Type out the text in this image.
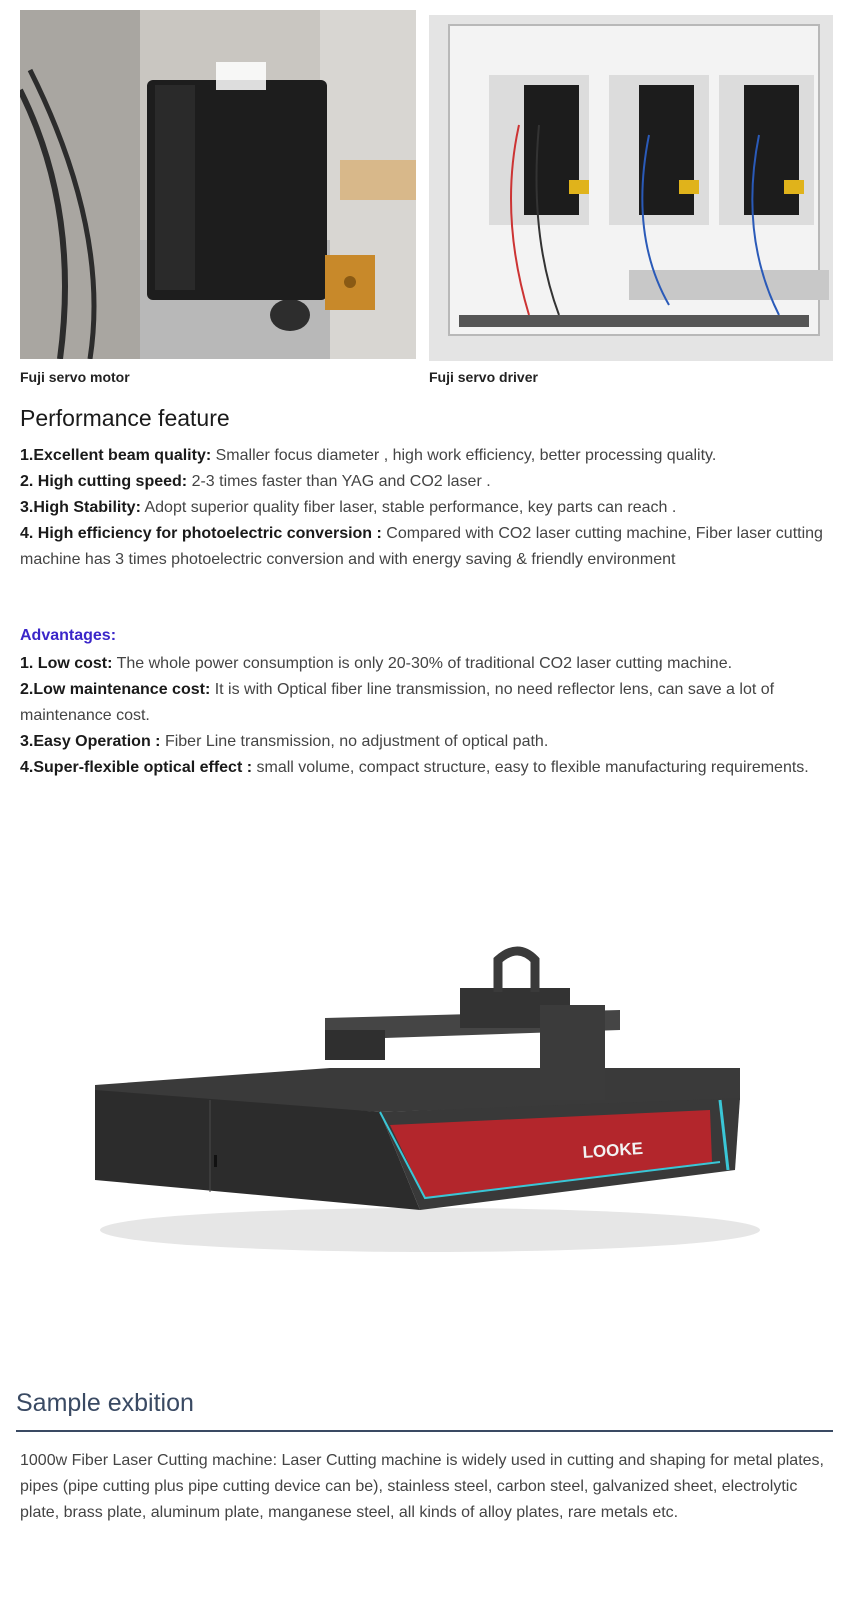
Fuji servo motor	Fuji servo driver
Performance feature

1.Excellent beam quality: Smaller focus diameter , high work efficiency, better processing quality.

2. High cutting speed: 2-3 times faster than YAG and CO2 laser .

3.High Stability: Adopt superior quality fiber laser, stable performance, key parts can reach .

4. High efficiency for photoelectric conversion : Compared with CO2 laser cutting machine, Fiber laser cutting machine has 3 times photoelectric conversion and with energy saving & friendly environment

Advantages:

1. Low cost: The whole power consumption is only 20-30% of traditional CO2 laser cutting machine.

2.Low maintenance cost: It is with Optical fiber line transmission, no need reflector lens, can save a lot of maintenance cost.

3.Easy Operation : Fiber Line transmission, no adjustment of optical path.

4.Super-flexible optical effect : small volume, compact structure, easy to flexible manufacturing requirements.

LOOKE
Sample exbition

1000w Fiber Laser Cutting machine: Laser Cutting machine is widely used in cutting and shaping for metal plates, pipes (pipe cutting plus pipe cutting device can be), stainless steel, carbon steel, galvanized sheet, electrolytic plate, brass plate, aluminum plate, manganese steel, all kinds of alloy plates, rare metals etc.
